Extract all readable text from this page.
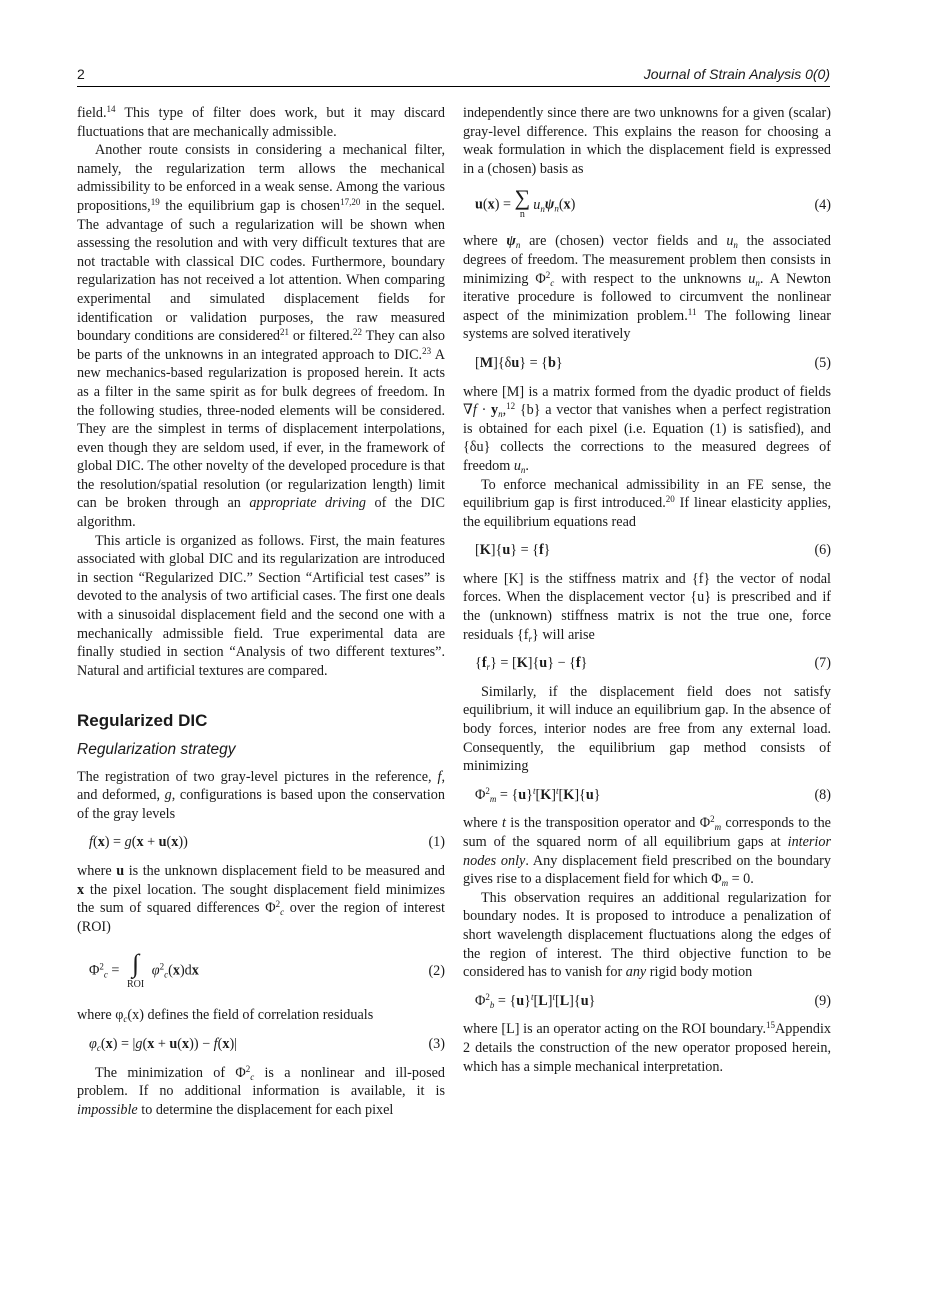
2	Journal of Strain Analysis 0(0)

field.$^{14}$ This type of filter does work, but it may discard fluctuations that are mechanically admissible.

Another route consists in considering a mechanical filter, namely, the regularization term allows the mechanical admissibility to be enforced in a weak sense. Among the various propositions,$^{19}$ the equilibrium gap is chosen$^{17,20}$ in the sequel. The advantage of such a regularization will be shown when assessing the resolution and with very difficult textures that are not tractable with classical DIC codes. Furthermore, boundary regularization has not received a lot attention. When comparing experimental and simulated displacement fields for identification or validation purposes, the raw measured boundary conditions are considered$^{21}$ or filtered.$^{22}$ They can also be parts of the unknowns in an integrated approach to DIC.$^{23}$ A new mechanics-based regularization is proposed herein. It acts as a filter in the same spirit as for bulk degrees of freedom. In the following studies, three-noded elements will be considered. They are the simplest in terms of displacement interpolations, even though they are seldom used, if ever, in the framework of global DIC. The other novelty of the developed procedure is that the resolution/spatial resolution (or regularization length) limit can be broken through an appropriate driving of the DIC algorithm.

This article is organized as follows. First, the main features associated with global DIC and its regularization are introduced in section “Regularized DIC.” Section “Artificial test cases” is devoted to the analysis of two artificial cases. The first one deals with a sinusoidal displacement field and the second one with a mechanically admissible field. True experimental data are finally studied in section “Analysis of two different textures”. Natural and artificial textures are compared.

Regularized DIC
Regularization strategy

The registration of two gray-level pictures in the reference, f, and deformed, g, configurations is based upon the conservation of the gray levels

f(x) = g(x + u(x))	(1)

where u is the unknown displacement field to be measured and x the pixel location. The sought displacement field minimizes the sum of squared differences $\Phi^2_c$ over the region of interest (ROI)

$\Phi^2_c$ = ∫
ROI
$\varphi^2_c(x)dx$	(2)

where $\varphi_c(x)$ defines the field of correlation residuals

$\varphi_c(x) = |g(x + u(x)) - f(x)|$	(3)

The minimization of $\Phi^2_c$ is a nonlinear and ill-posed problem. If no additional information is available, it is impossible to determine the displacement for each pixel

independently since there are two unknowns for a given (scalar) gray-level difference. This explains the reason for choosing a weak formulation in which the displacement field is expressed in a (chosen) basis as

u(x) = ∑
n
$u_n\psi_n(x)$	(4)

where $\psi_n$ are (chosen) vector fields and $u_n$ the associated degrees of freedom. The measurement problem then consists in minimizing $\Phi^2_c$ with respect to the unknowns $u_n$. A Newton iterative procedure is followed to circumvent the nonlinear aspect of the minimization problem.$^{11}$ The following linear systems are solved iteratively

[M]{δu} = {b}	(5)

where [M] is a matrix formed from the dyadic product of fields $\nabla f \cdot y_n,^{12}$ {b} a vector that vanishes when a perfect registration is obtained for each pixel (i.e. Equation (1) is satisfied), and {δu} collects the corrections to the measured degrees of freedom $u_n$.

To enforce mechanical admissibility in an FE sense, the equilibrium gap is first introduced.$^{20}$ If linear elasticity applies, the equilibrium equations read

[K]{u} = {f}	(6)

where [K] is the stiffness matrix and {f} the vector of nodal forces. When the displacement vector {u} is prescribed and if the (unknown) stiffness matrix is not the true one, force residuals $\{f_r\}$ will arise

$\{f_r\} = [K]\{u\} - \{f\}$	(7)

Similarly, if the displacement field does not satisfy equilibrium, it will induce an equilibrium gap. In the absence of body forces, interior nodes are free from any external load. Consequently, the equilibrium gap method consists of minimizing

$\Phi^2_m = \{u\}^t[K]^t[K]\{u\}$	(8)

where t is the transposition operator and $\Phi^2_m$ corresponds to the sum of the squared norm of all equilibrium gaps at interior nodes only. Any displacement field prescribed on the boundary gives rise to a displacement field for which $\Phi_m = 0$.

This observation requires an additional regularization for boundary nodes. It is proposed to introduce a penalization of short wavelength displacement fluctuations along the edges of the region of interest. The third objective function to be considered has to vanish for any rigid body motion

$\Phi^2_b = \{u\}^t[L]^t[L]\{u\}$	(9)

where [L] is an operator acting on the ROI boundary.$^{15}$Appendix 2 details the construction of the new operator proposed herein, which has a simple mechanical interpretation.
